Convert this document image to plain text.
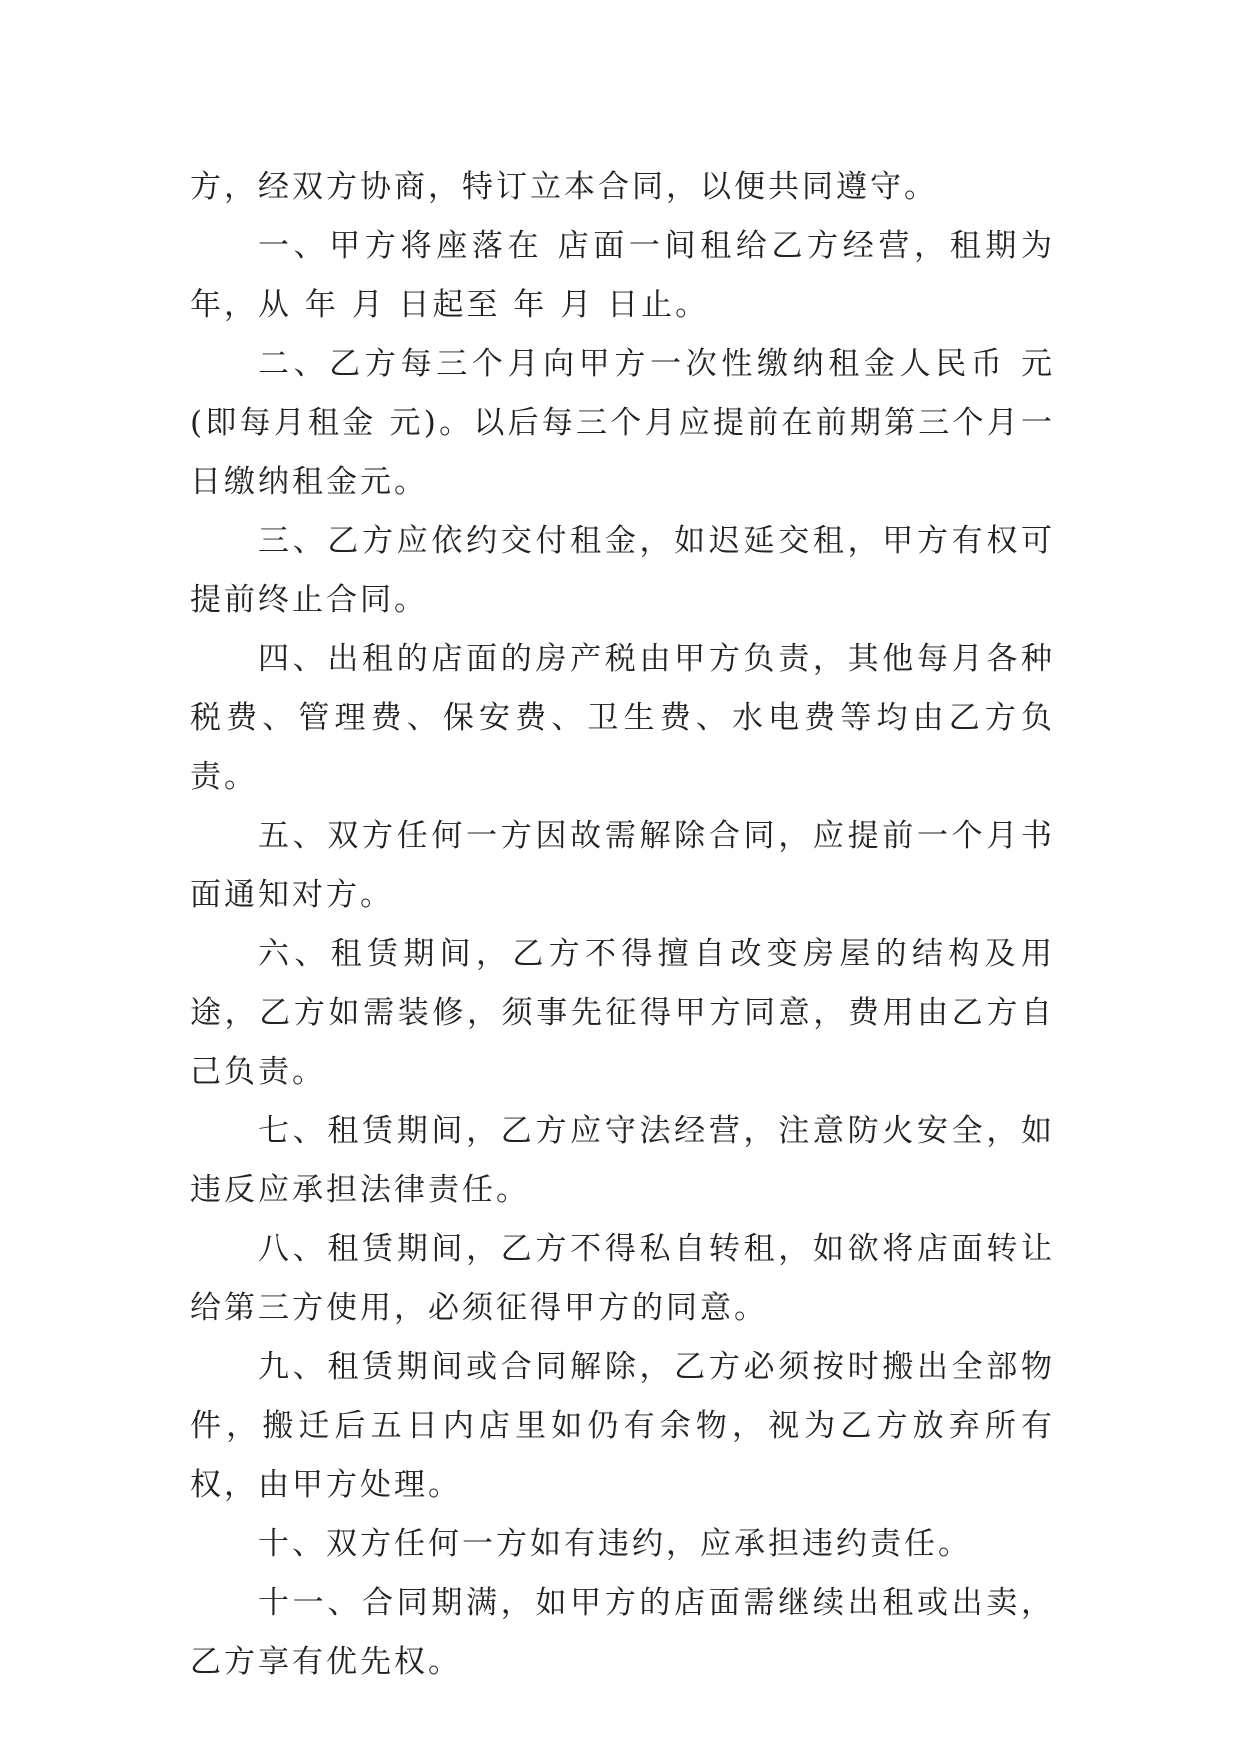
方，经双方协商，特订立本合同，以便共同遵守。

一、甲方将座落在 店面一间租给乙方经营，租期为 年，从 年 月 日起至 年 月 日止。

二、乙方每三个月向甲方一次性缴纳租金人民币 元(即每月租金 元)。以后每三个月应提前在前期第三个月一日缴纳租金元。

三、乙方应依约交付租金，如迟延交租，甲方有权可提前终止合同。

四、出租的店面的房产税由甲方负责，其他每月各种税费、管理费、保安费、卫生费、水电费等均由乙方负责。

五、双方任何一方因故需解除合同，应提前一个月书面通知对方。

六、租赁期间，乙方不得擅自改变房屋的结构及用途，乙方如需装修，须事先征得甲方同意，费用由乙方自己负责。

七、租赁期间，乙方应守法经营，注意防火安全，如违反应承担法律责任。

八、租赁期间，乙方不得私自转租，如欲将店面转让给第三方使用，必须征得甲方的同意。

九、租赁期间或合同解除，乙方必须按时搬出全部物件，搬迁后五日内店里如仍有余物，视为乙方放弃所有权，由甲方处理。

十、双方任何一方如有违约，应承担违约责任。

十一、合同期满，如甲方的店面需继续出租或出卖，乙方享有优先权。
